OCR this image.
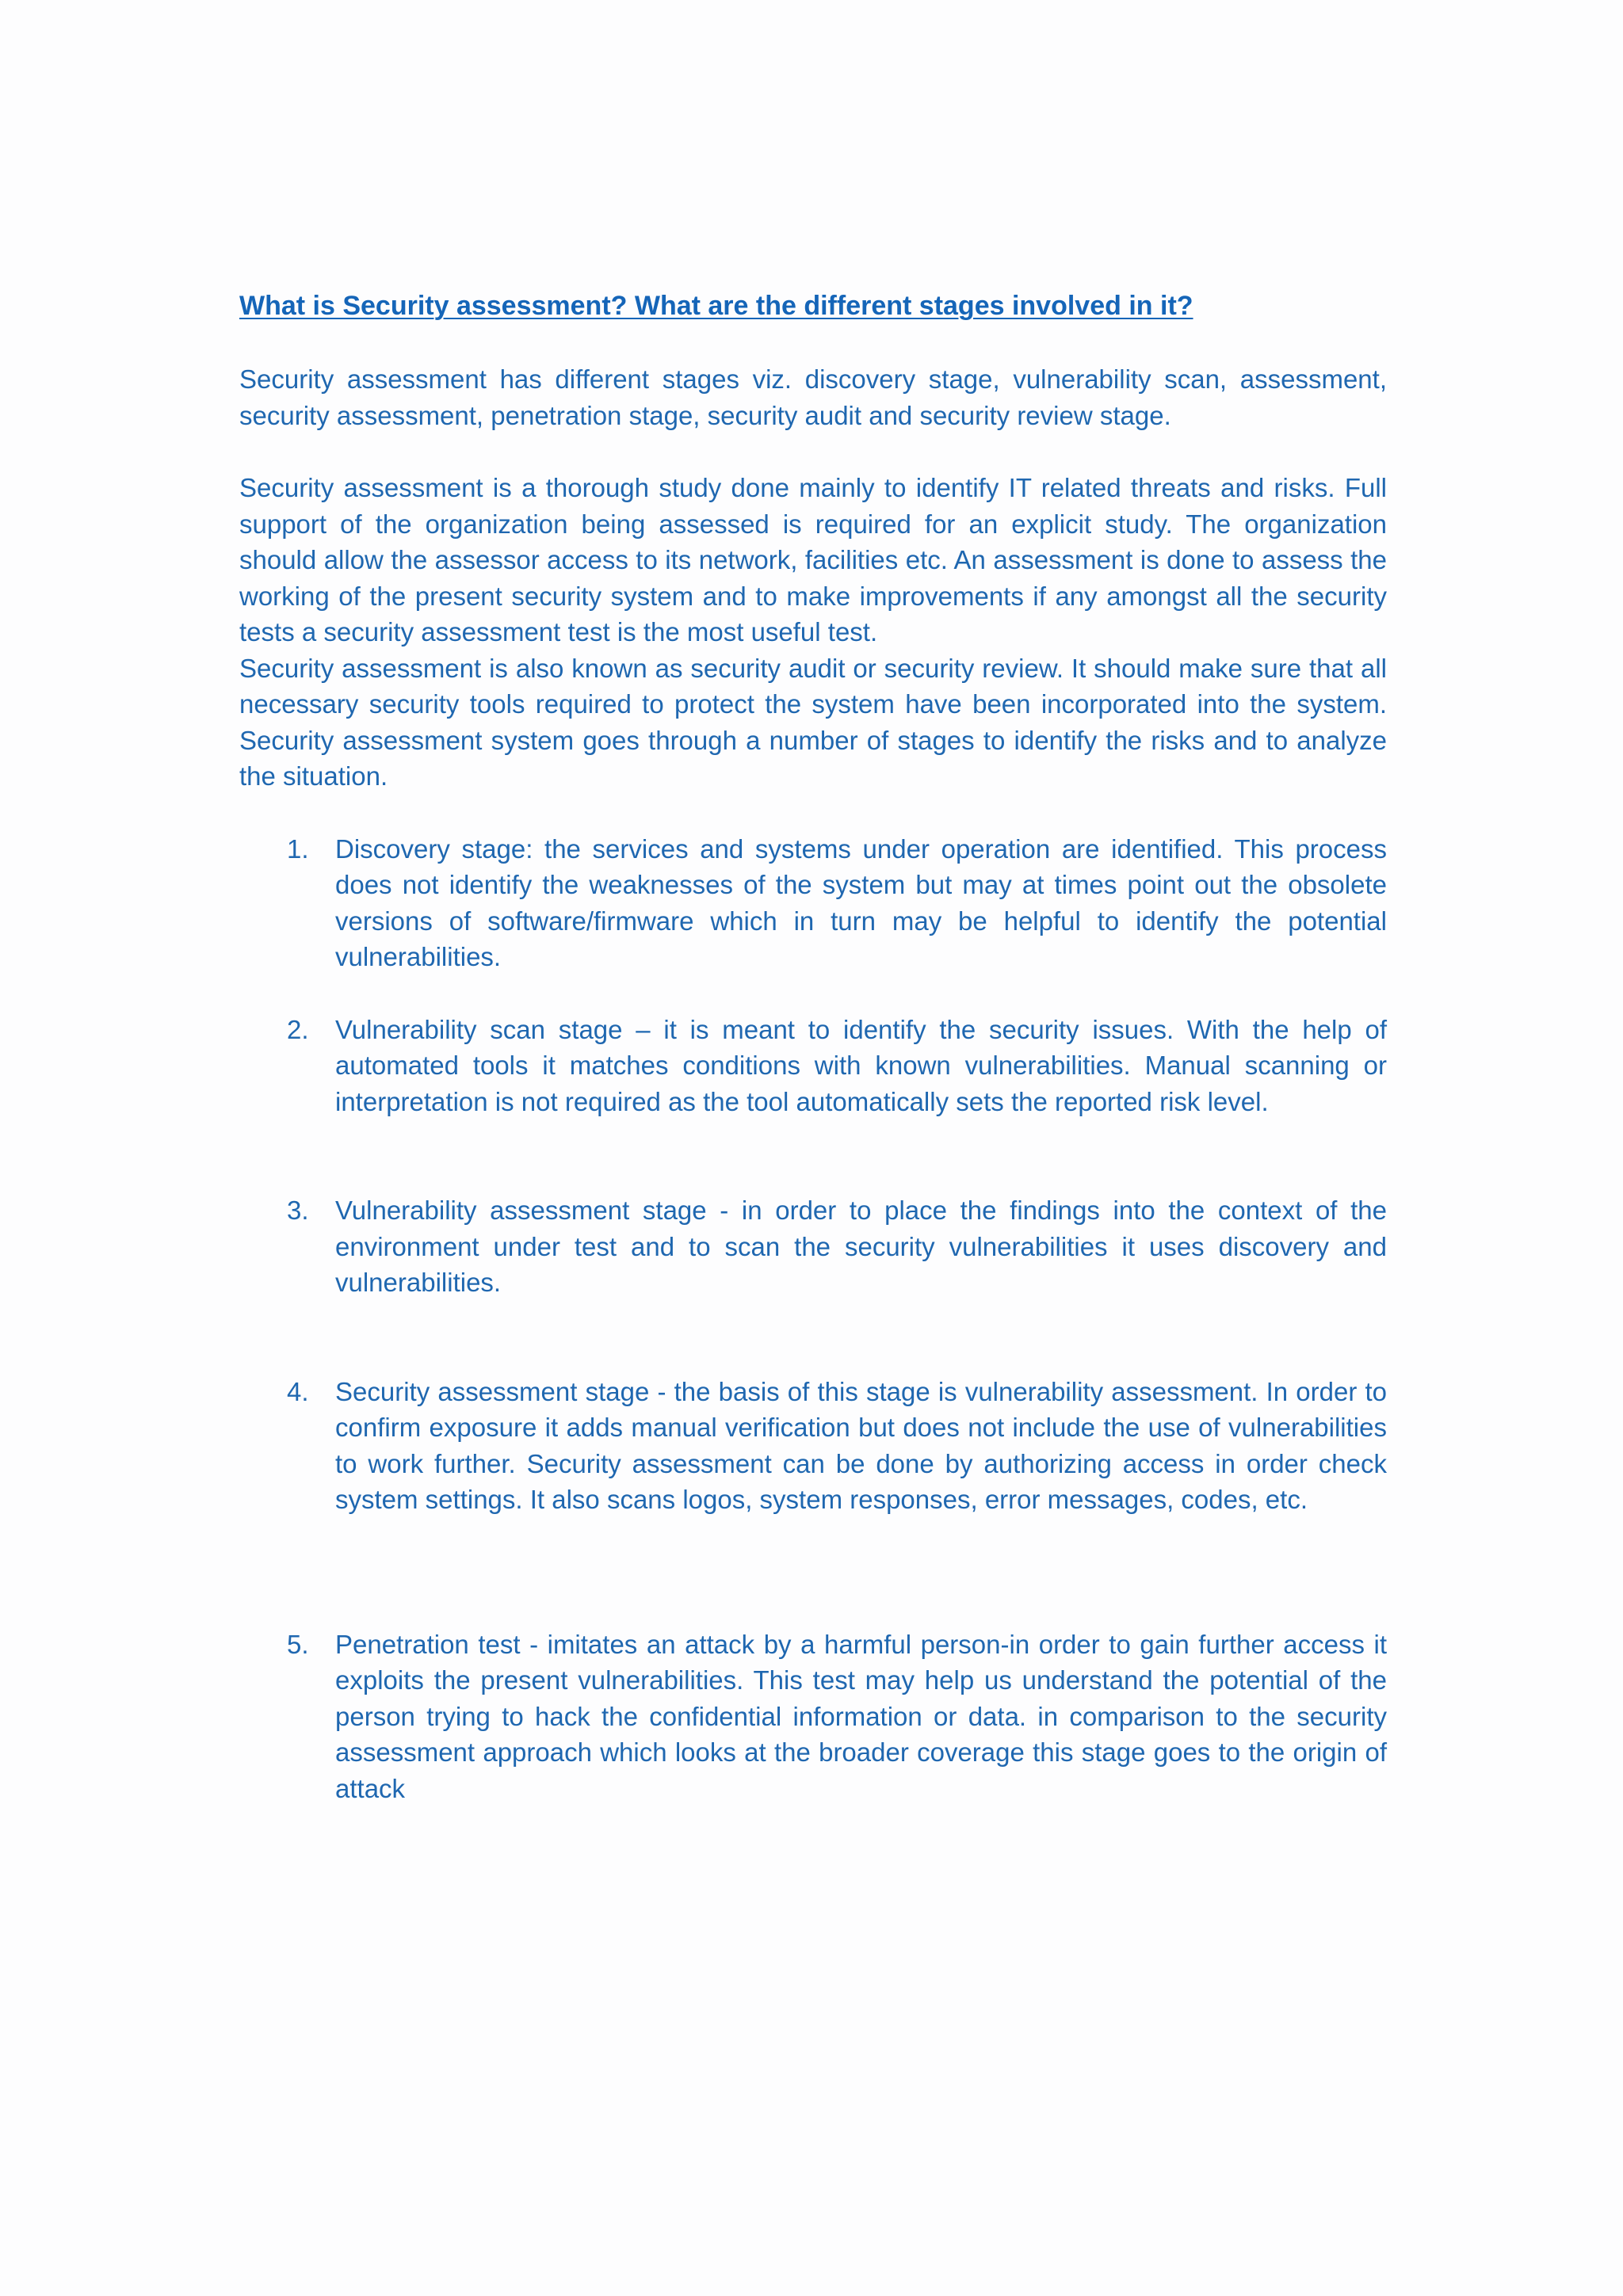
What is Security assessment? What are the different stages involved in it?

Security assessment has different stages viz. discovery stage, vulnerability scan, assessment, security assessment, penetration stage, security audit and security review stage.

Security assessment is a thorough study done mainly to identify IT related threats and risks. Full support of the organization being assessed is required for an explicit study. The organization should allow the assessor access to its network, facilities etc. An assessment is done to assess the working of the present security system and to make improvements if any amongst all the security tests a security assessment test is the most useful test.

Security assessment is also known as security audit or security review. It should make sure that all necessary security tools required to protect the system have been incorporated into the system. Security assessment system goes through a number of stages to identify the risks and to analyze the situation.

1.	Discovery stage: the services and systems under operation are identified. This process does not identify the weaknesses of the system but may at times point out the obsolete versions of software/firmware which in turn may be helpful to identify the potential vulnerabilities.
2.	Vulnerability scan stage – it is meant to identify the security issues. With the help of automated tools it matches conditions with known vulnerabilities. Manual scanning or interpretation is not required as the tool automatically sets the reported risk level.
3.	Vulnerability assessment stage - in order to place the findings into the context of the environment under test and to scan the security vulnerabilities it uses discovery and vulnerabilities.
4.	Security assessment stage - the basis of this stage is vulnerability assessment. In order to confirm exposure it adds manual verification but does not include the use of vulnerabilities to work further. Security assessment can be done by authorizing access in order check system settings. It also scans logos, system responses, error messages, codes, etc.
5.	Penetration test - imitates an attack by a harmful person-in order to gain further access it exploits the present vulnerabilities. This test may help us understand the potential of the person trying to hack the confidential information or data. in comparison to the security assessment approach which looks at the broader coverage this stage goes to the origin of attack
